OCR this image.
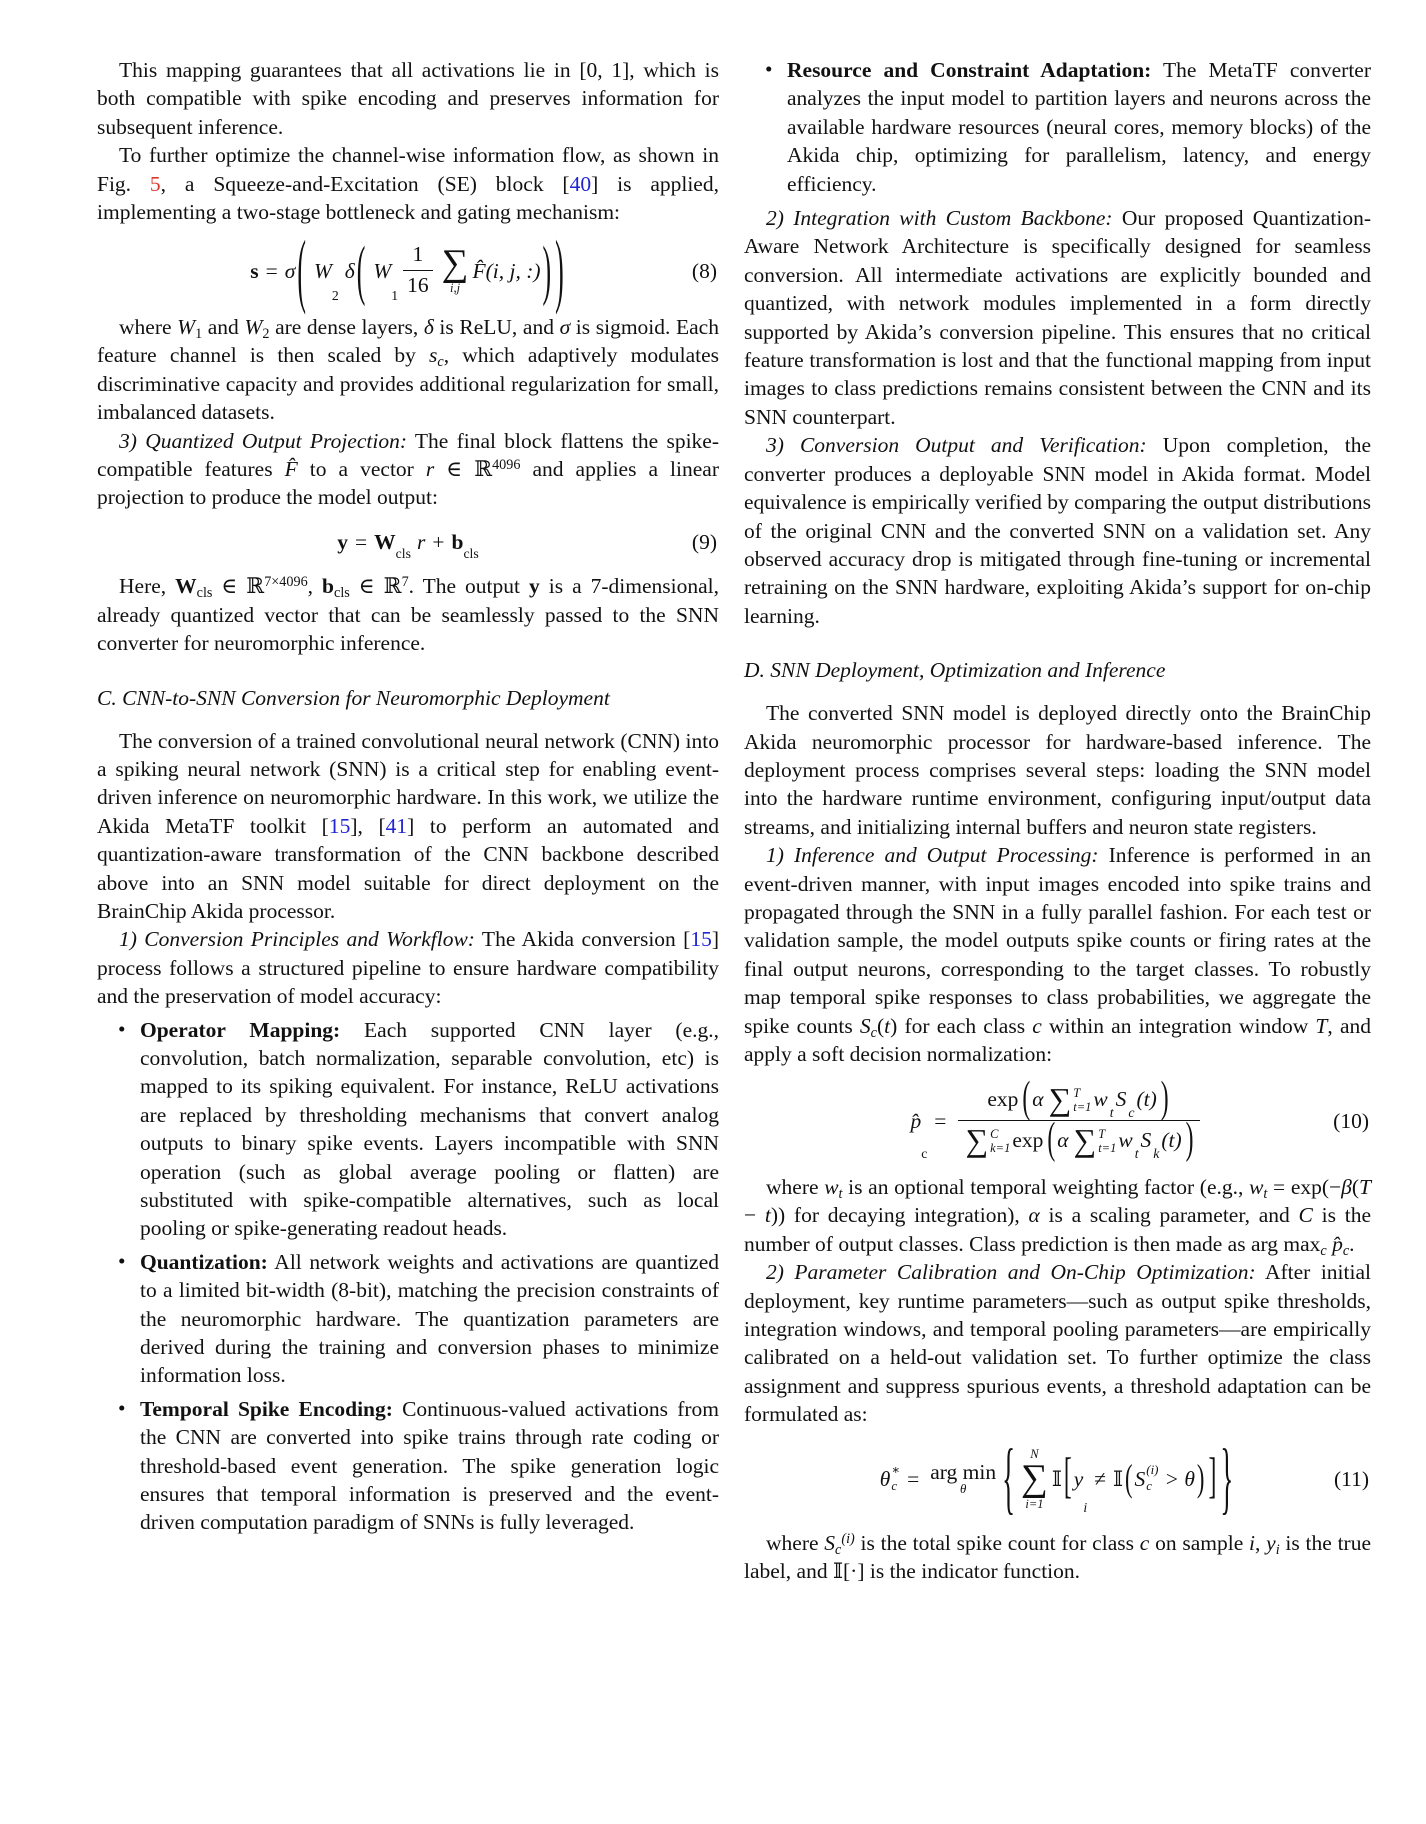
This mapping guarantees that all activations lie in [0, 1], which is both compatible with spike encoding and preserves information for subsequent inference.

To further optimize the channel-wise information flow, as shown in Fig. 5, a Squeeze-and-Excitation (SE) block [40] is applied, implementing a two-stage bottleneck and gating mechanism:

s = σ ( W
2
δ ( W
$1 \frac{1}{16}$ ∑
i,j
F̂ (i, j, :) ) )	(8)

where W1 and W2 are dense layers, δ is ReLU, and σ is sigmoid. Each feature channel is then scaled by sc, which adaptively modulates discriminative capacity and provides additional regularization for small, imbalanced datasets.

3) Quantized Output Projection: The final block flattens the spike-compatible features F̂ to a vector r ∈ ℝ$^{4096}$ and applies a linear projection to produce the model output:

y = W cls r + b cls	(9)

Here, Wcls ∈ ℝ$^{7\times 4096}$, bcls ∈ ℝ$^7$. The output y is a 7-dimensional, already quantized vector that can be seamlessly passed to the SNN converter for neuromorphic inference.

C. CNN-to-SNN Conversion for Neuromorphic Deployment

The conversion of a trained convolutional neural network (CNN) into a spiking neural network (SNN) is a critical step for enabling event-driven inference on neuromorphic hardware. In this work, we utilize the Akida MetaTF toolkit [15], [41] to perform an automated and quantization-aware transformation of the CNN backbone described above into an SNN model suitable for direct deployment on the BrainChip Akida processor.

1) Conversion Principles and Workflow: The Akida conversion [15] process follows a structured pipeline to ensure hardware compatibility and the preservation of model accuracy:

• Operator Mapping: Each supported CNN layer (e.g., convolution, batch normalization, separable convolution, etc) is mapped to its spiking equivalent. For instance, ReLU activations are replaced by thresholding mechanisms that convert analog outputs to binary spike events. Layers incompatible with SNN operation (such as global average pooling or flatten) are substituted with spike-compatible alternatives, such as local pooling or spike-generating readout heads.
• Quantization: All network weights and activations are quantized to a limited bit-width (8-bit), matching the precision constraints of the neuromorphic hardware. The quantization parameters are derived during the training and conversion phases to minimize information loss.
• Temporal Spike Encoding: Continuous-valued activations from the CNN are converted into spike trains through rate coding or threshold-based event generation. The spike generation logic ensures that temporal information is preserved and the event-driven computation paradigm of SNNs is fully leveraged.
• Resource and Constraint Adaptation: The MetaTF converter analyzes the input model to partition layers and neurons across the available hardware resources (neural cores, memory blocks) of the Akida chip, optimizing for parallelism, latency, and energy efficiency.

2) Integration with Custom Backbone: Our proposed Quantization-Aware Network Architecture is specifically designed for seamless conversion. All intermediate activations are explicitly bounded and quantized, with network modules implemented in a form directly supported by Akida’s conversion pipeline. This ensures that no critical feature transformation is lost and that the functional mapping from input images to class predictions remains consistent between the CNN and its SNN counterpart.

3) Conversion Output and Verification: Upon completion, the converter produces a deployable SNN model in Akida format. Model equivalence is empirically verified by comparing the output distributions of the original CNN and the converted SNN on a validation set. Any observed accuracy drop is mitigated through fine-tuning or incremental retraining on the SNN hardware, exploiting Akida’s support for on-chip learning.

D. SNN Deployment, Optimization and Inference

The converted SNN model is deployed directly onto the BrainChip Akida neuromorphic processor for hardware-based inference. The deployment process comprises several steps: loading the SNN model into the hardware runtime environment, configuring input/output data streams, and initializing internal buffers and neuron state registers.

1) Inference and Output Processing: Inference is performed in an event-driven manner, with input images encoded into spike trains and propagated through the SNN in a fully parallel fashion. For each test or validation sample, the model outputs spike counts or firing rates at the final output neurons, corresponding to the target classes. To robustly map temporal spike responses to class probabilities, we aggregate the spike counts Sc(t) for each class c within an integration window T, and apply a soft decision normalization:

p̂
c
=
exp ( α ∑ T
t=1 w
t
S
c
(t) )
∑ C
k=1 exp ( α ∑ T
t=1 w
t
S
k
(t) )	(10)

where wt is an optional temporal weighting factor (e.g., wt = exp(−β(T − t)) for decaying integration), α is a scaling parameter, and C is the number of output classes. Class prediction is then made as arg maxc p̂c.

2) Parameter Calibration and On-Chip Optimization: After initial deployment, key runtime parameters—such as output spike thresholds, integration windows, and temporal pooling parameters—are empirically calibrated on a held-out validation set. To further optimize the class assignment and suppress spurious events, a threshold adaptation can be formulated as:

θ ∗
c = arg min
θ { N
∑
i=1
𝕀 [ y
i
≠ 𝕀 ( S (i)
c > θ ) ] }	(11)

where Sc$^{(i)}$ is the total spike count for class c on sample i, yi is the true label, and 𝕀[·] is the indicator function.
